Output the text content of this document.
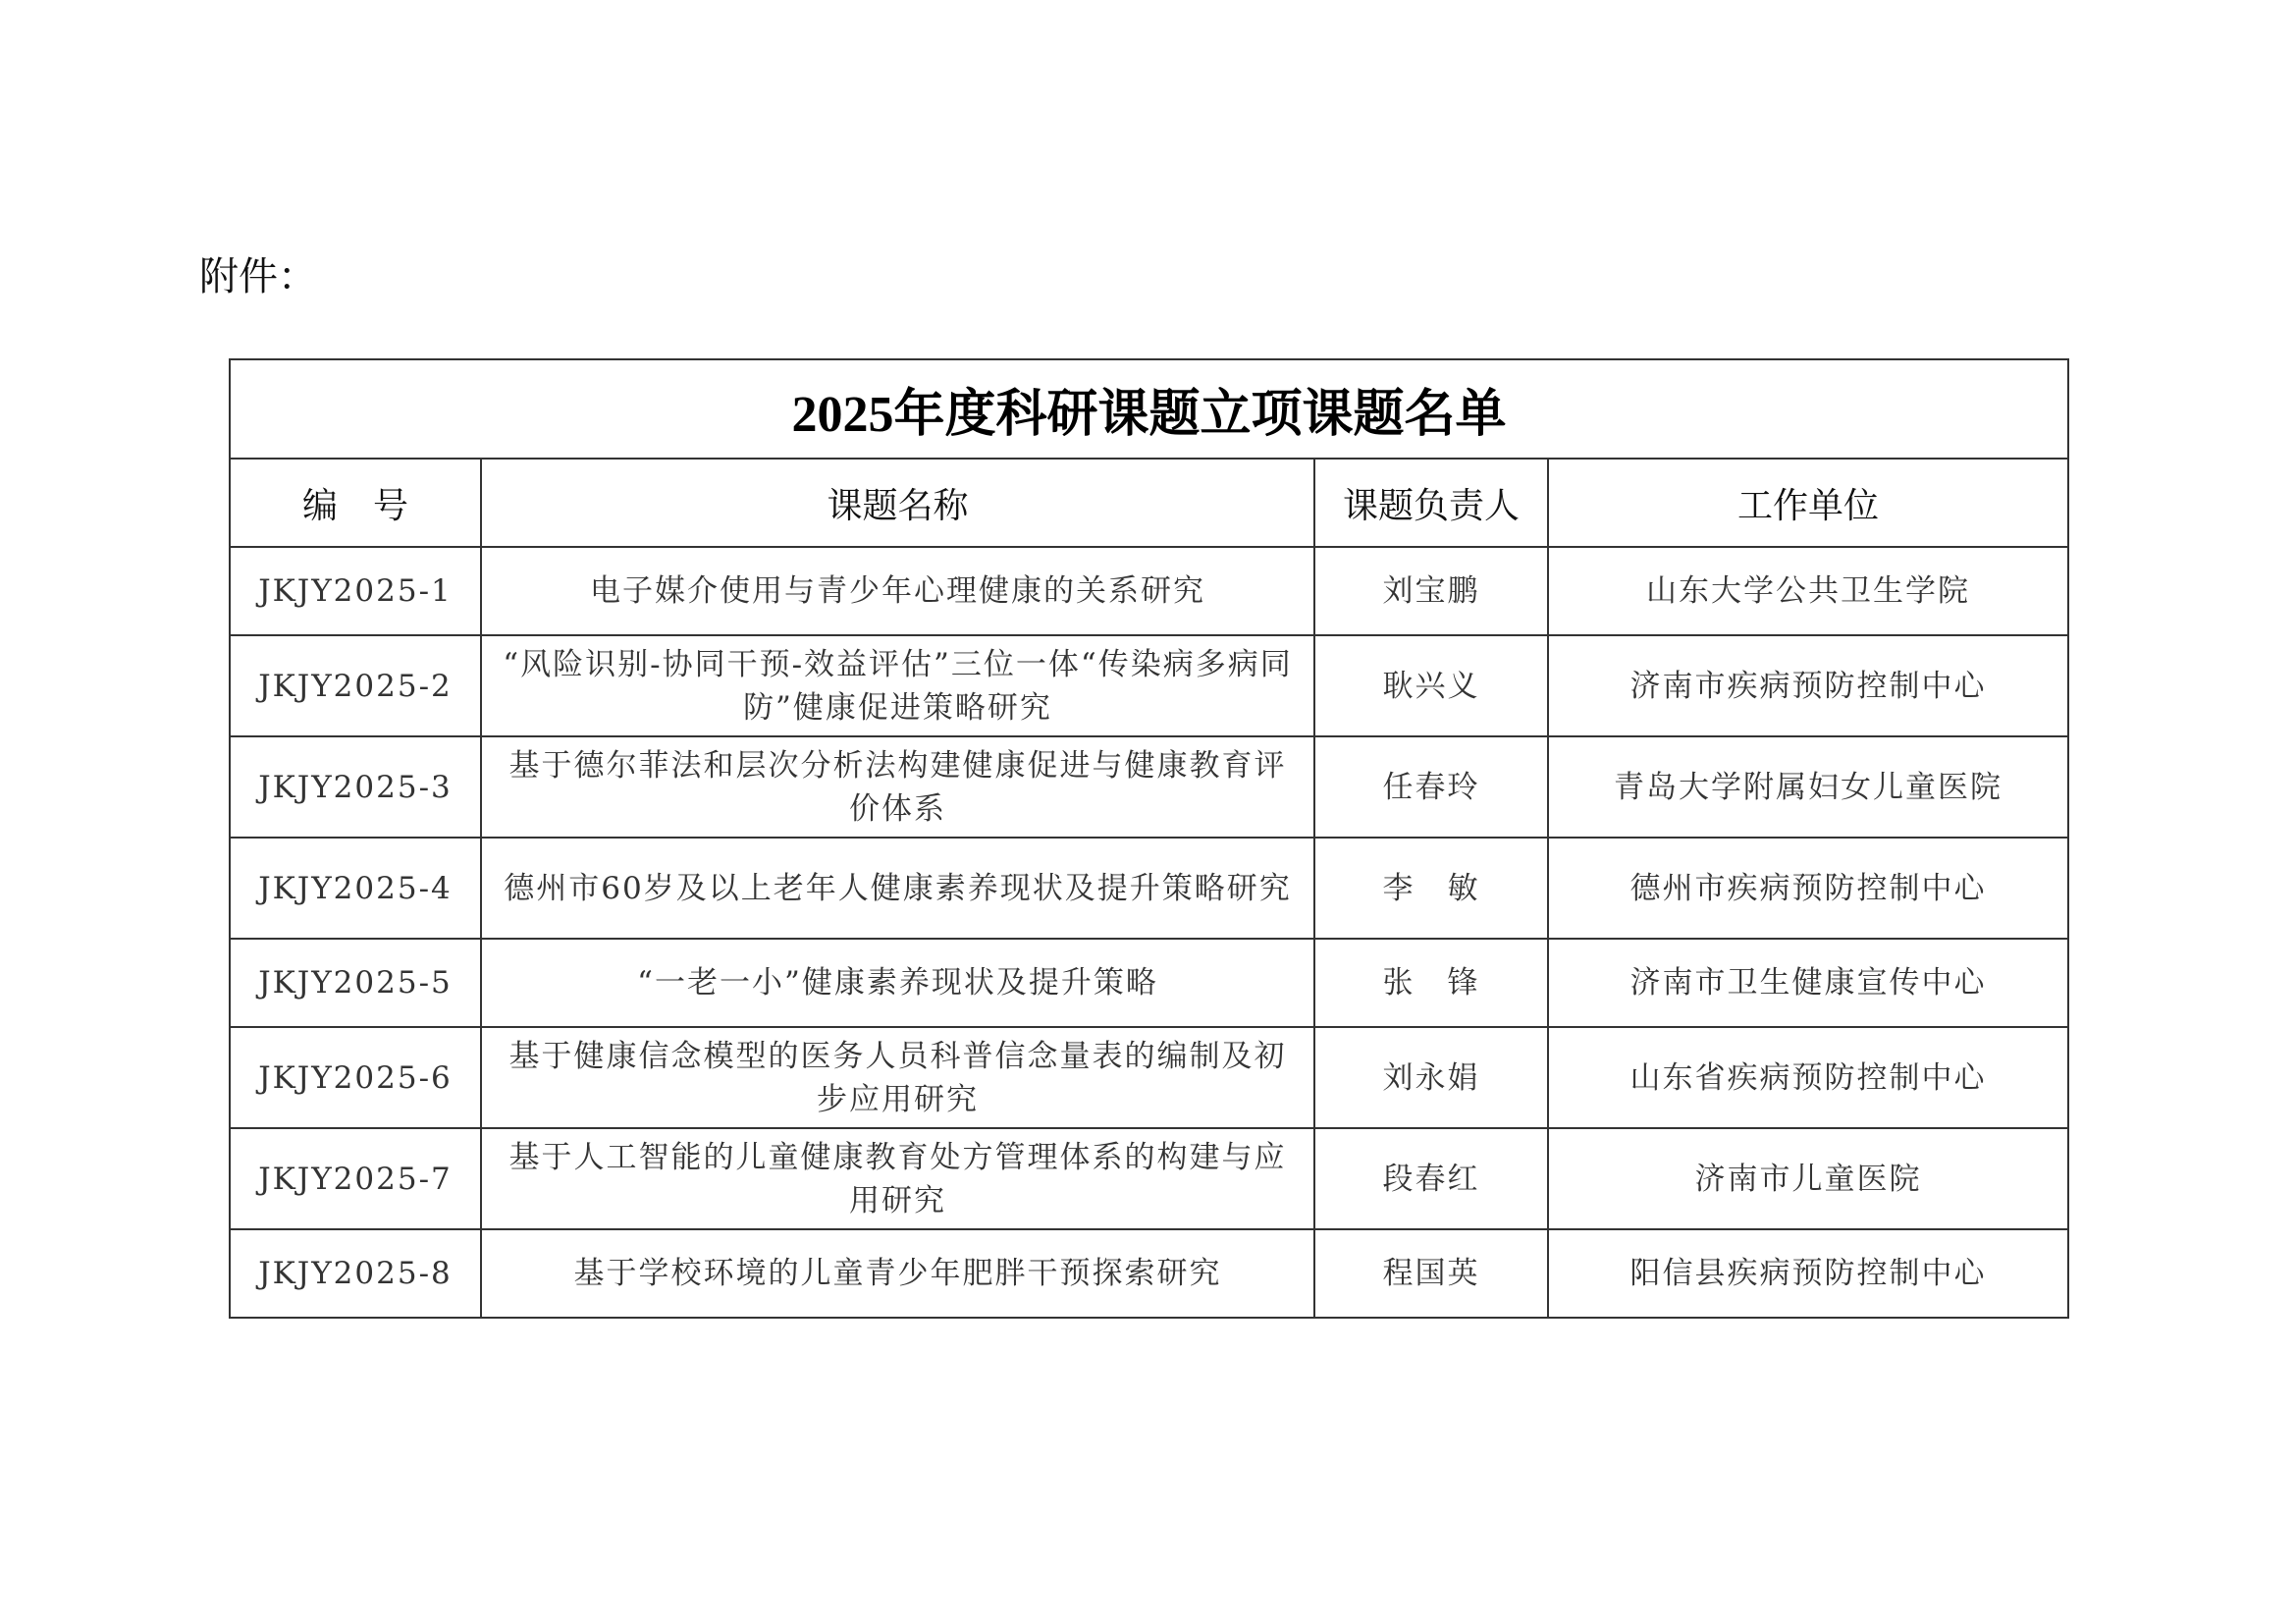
附件：
2025年度科研课题立项课题名单			
编　号	课题名称	课题负责人	工作单位
JKJY2025-1	电子媒介使用与青少年心理健康的关系研究	刘宝鹏	山东大学公共卫生学院
JKJY2025-2	“风险识别-协同干预-效益评估”三位一体“传染病多病同防”健康促进策略研究	耿兴义	济南市疾病预防控制中心
JKJY2025-3	基于德尔菲法和层次分析法构建健康促进与健康教育评价体系	任春玲	青岛大学附属妇女儿童医院
JKJY2025-4	德州市60岁及以上老年人健康素养现状及提升策略研究	李　敏	德州市疾病预防控制中心
JKJY2025-5	“一老一小”健康素养现状及提升策略	张　锋	济南市卫生健康宣传中心
JKJY2025-6	基于健康信念模型的医务人员科普信念量表的编制及初步应用研究	刘永娟	山东省疾病预防控制中心
JKJY2025-7	基于人工智能的儿童健康教育处方管理体系的构建与应用研究	段春红	济南市儿童医院
JKJY2025-8	基于学校环境的儿童青少年肥胖干预探索研究	程国英	阳信县疾病预防控制中心
